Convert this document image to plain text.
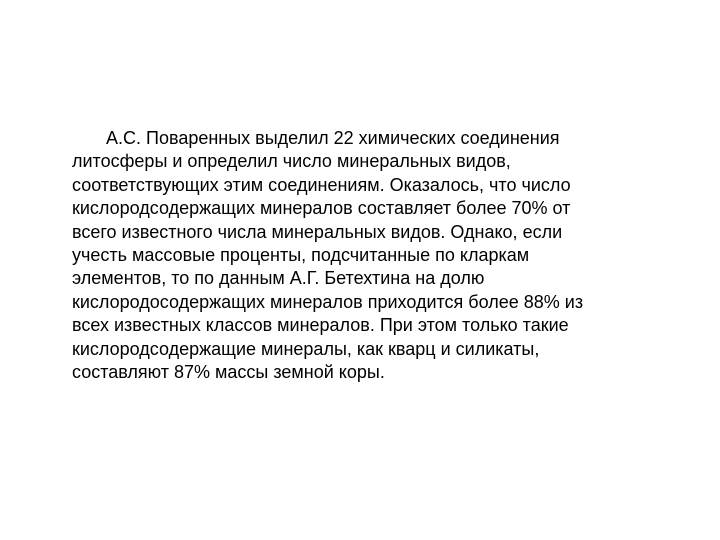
А.С. Поваренных выделил 22 химических соединения
литосферы и определил число минеральных видов,
соответствующих этим соединениям. Оказалось, что число
кислородсодержащих минералов составляет более 70% от
всего известного числа минеральных видов. Однако, если
учесть массовые проценты, подсчитанные по кларкам
элементов, то по данным А.Г. Бетехтина на долю
кислородосодержащих минералов приходится более 88% из
всех известных классов минералов. При этом только такие
кислородсодержащие минералы, как кварц и силикаты,
составляют 87% массы земной коры.
